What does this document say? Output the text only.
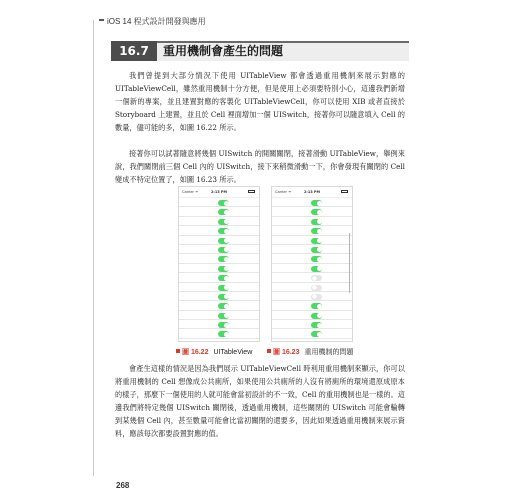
iOS 14 程式設計開發與應用
16.7	重用機制會產生的問題

我們曾提到大部分情況下使用 UITableView 都會透過重用機制來展示對應的 UITableViewCell，雖然重用機制十分方便，但是使用上必須要特別小心，這邊我們新增一個新的專案，並且建置對應的客製化 UITableViewCell，你可以使用 XIB 或者直接於 Storyboard 上建置，並且於 Cell 裡面增加一個 UISwitch，接著你可以隨意填入 Cell 的數量，儘可能的多，如圖 16.22 所示。

接著你可以試著隨意將幾個 UISwitch 的開關關閉，接著滑動 UITableView，舉例來說，我們關閉前三個 Cell 內的 UISwitch，接下來稍微滑動一下，你會發現有關閉的 Cell 變成不特定位置了，如圖 16.23 所示。

Carrier ᯤ	2:13 PM	Carrier ᯤ	2:13 PM
圖 16.22 UITableView	圖 16.23 重用機制的問題

會產生這樣的情況是因為我們展示 UITableViewCell 時利用重用機制來顯示，你可以將重用機制的 Cell 想像成公共廁所，如果使用公共廁所的人沒有將廁所的環境還原成原本的樣子，那麼下一個使用的人就可能會當初設計的不一致，Cell 的重用機制也是一樣的。這邊我們將特定幾個 UISwitch 關閉後，透過重用機制，這些關閉的 UISwitch 可能會輪轉到某幾個 Cell 內，甚至數量可能會比當初關閉的還要多，因此如果透過重用機制來展示資料，應該每次都要設置對應的值。

268
